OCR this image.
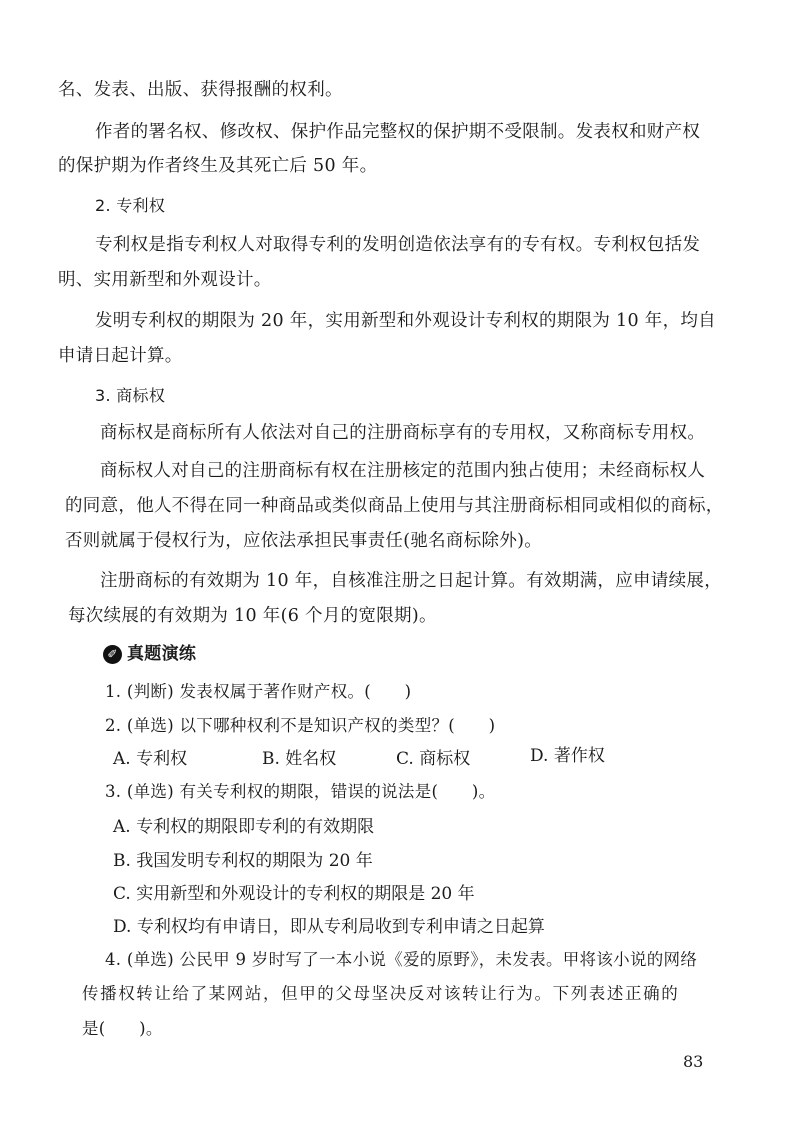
名、发表、出版、获得报酬的权利。
作者的署名权、修改权、保护作品完整权的保护期不受限制。发表权和财产权
的保护期为作者终生及其死亡后 50 年。
2. 专利权
专利权是指专利权人对取得专利的发明创造依法享有的专有权。专利权包括发
明、实用新型和外观设计。
发明专利权的期限为 20 年，实用新型和外观设计专利权的期限为 10 年，均自
申请日起计算。
3. 商标权
商标权是商标所有人依法对自己的注册商标享有的专用权，又称商标专用权。
商标权人对自己的注册商标有权在注册核定的范围内独占使用；未经商标权人
的同意，他人不得在同一种商品或类似商品上使用与其注册商标相同或相似的商标，
否则就属于侵权行为，应依法承担民事责任(驰名商标除外)。
注册商标的有效期为 10 年，自核准注册之日起计算。有效期满，应申请续展，
每次续展的有效期为 10 年(6 个月的宽限期)。
✐ 真题演练
1. (判断) 发表权属于著作财产权。(　　)
2. (单选) 以下哪种权利不是知识产权的类型？(　　)
A. 专利权	B. 姓名权	C. 商标权	D. 著作权
3. (单选) 有关专利权的期限，错误的说法是(　　)。
A. 专利权的期限即专利的有效期限
B. 我国发明专利权的期限为 20 年
C. 实用新型和外观设计的专利权的期限是 20 年
D. 专利权均有申请日，即从专利局收到专利申请之日起算
4. (单选) 公民甲 9 岁时写了一本小说《爱的原野》，未发表。甲将该小说的网络
传播权转让给了某网站，但甲的父母坚决反对该转让行为。下列表述正确的
是(　　)。
83
